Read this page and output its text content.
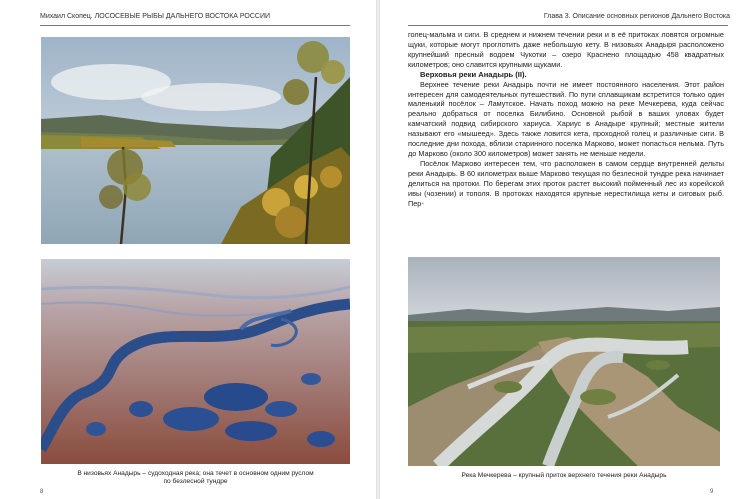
Михаил Скопец. ЛОСОСЕВЫЕ РЫБЫ ДАЛЬНЕГО ВОСТОКА РОССИИ
В низовьях Анадырь – судоходная река; она течет в основном одним руслом
по безлесной тундре
8
Глава 3. Описание основных регионов Дальнего Востока

голец-мальма и сиги. В среднем и нижнем течении реки и в её притоках ловятся огромные щуки, которые могут проглотить даже небольшую кету. В низовьях Анадыря расположено крупнейший пресный водоем Чукотки – озеро Красненo площадью 458 квадратных километров; оно славится крупными щуками.

Верховья реки Анадырь (II).

Верхнее течение реки Анадырь почти не имеет постоянного населения. Этот район интересен для самодеятельных путешествий. По пути сплавщикам встретится только один маленький посёлок – Ламутское. Начать поход можно на реке Мечкерева, куда сейчас реально добраться от поселка Билибино. Основной рыбой в ваших уловах будет камчатский подвид сибирского хариуса. Хариус в Анадыре крупный; местные жители называют его «мышеед». Здесь также ловится кета, проходной голец и различные сиги. В последние дни похода, вблизи старинного поселка Марково, может попасться нельма. Путь до Марково (около 300 километров) может занять не меньше недели.

Посёлок Марково интересен тем, что расположен в самом сердце внутренней дельты реки Анадырь. В 60 километрах выше Марково текущая по безлесной тундре река начинает делиться на протоки. По берегам этих проток растет высокий пойменный лес из корейской ивы (чозении) и тополя. В протоках находятся крупные нерестилища кеты и сиговых рыб. Пер-

Река Мечкерева – крупный приток верхнего течения реки Анадырь
9
